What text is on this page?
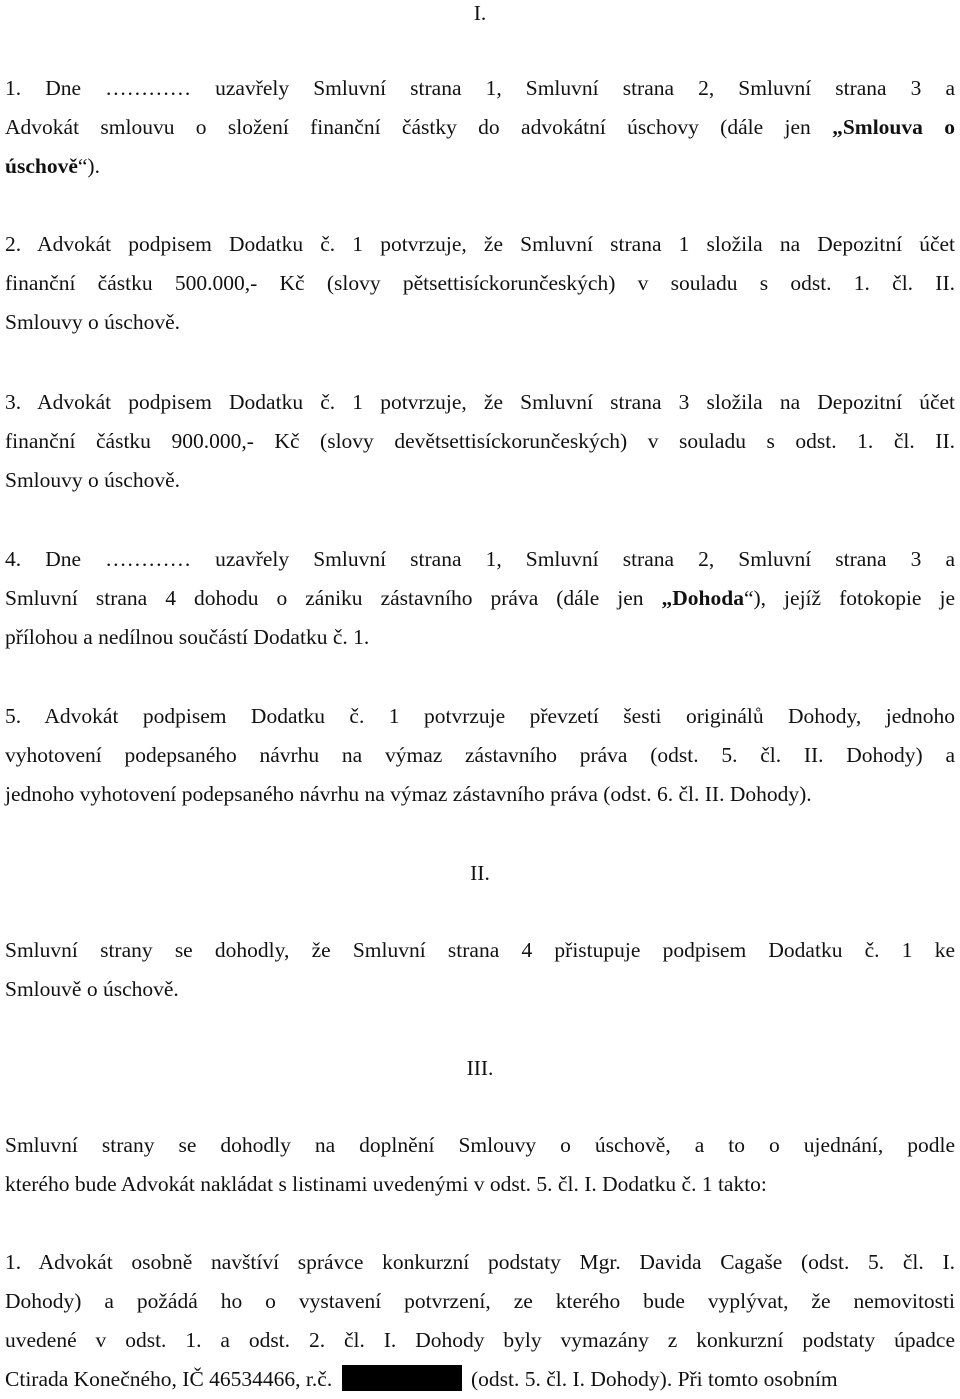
I.
1. Dne ………… uzavřely Smluvní strana 1, Smluvní strana 2, Smluvní strana 3 a
Advokát smlouvu o složení finanční částky do advokátní úschovy (dále jen „Smlouva o
úschově“).
2. Advokát podpisem Dodatku č. 1 potvrzuje, že Smluvní strana 1 složila na Depozitní účet
finanční částku 500.000,- Kč (slovy pětsettisíckorunčeských) v souladu s odst. 1. čl. II.
Smlouvy o úschově.
3. Advokát podpisem Dodatku č. 1 potvrzuje, že Smluvní strana 3 složila na Depozitní účet
finanční částku 900.000,- Kč (slovy devětsettisíckorunčeských) v souladu s odst. 1. čl. II.
Smlouvy o úschově.
4. Dne ………… uzavřely Smluvní strana 1, Smluvní strana 2, Smluvní strana 3 a
Smluvní strana 4 dohodu o zániku zástavního práva (dále jen „Dohoda“), jejíž fotokopie je
přílohou a nedílnou součástí Dodatku č. 1.
5. Advokát podpisem Dodatku č. 1 potvrzuje převzetí šesti originálů Dohody, jednoho
vyhotovení podepsaného návrhu na výmaz zástavního práva (odst. 5. čl. II. Dohody) a
jednoho vyhotovení podepsaného návrhu na výmaz zástavního práva (odst. 6. čl. II. Dohody).
II.
Smluvní strany se dohodly, že Smluvní strana 4 přistupuje podpisem Dodatku č. 1 ke
Smlouvě o úschově.
III.
Smluvní strany se dohodly na doplnění Smlouvy o úschově, a to o ujednání, podle
kterého bude Advokát nakládat s listinami uvedenými v odst. 5. čl. I. Dodatku č. 1 takto:
1. Advokát osobně navštíví správce konkurzní podstaty Mgr. Davida Cagaše (odst. 5. čl. I.
Dohody) a požádá ho o vystavení potvrzení, ze kterého bude vyplývat, že nemovitosti
uvedené v odst. 1. a odst. 2. čl. I. Dohody byly vymazány z konkurzní podstaty úpadce
Ctirada Konečného, IČ 46534466, r.č.	(odst. 5. čl. I. Dohody). Při tomto osobním
